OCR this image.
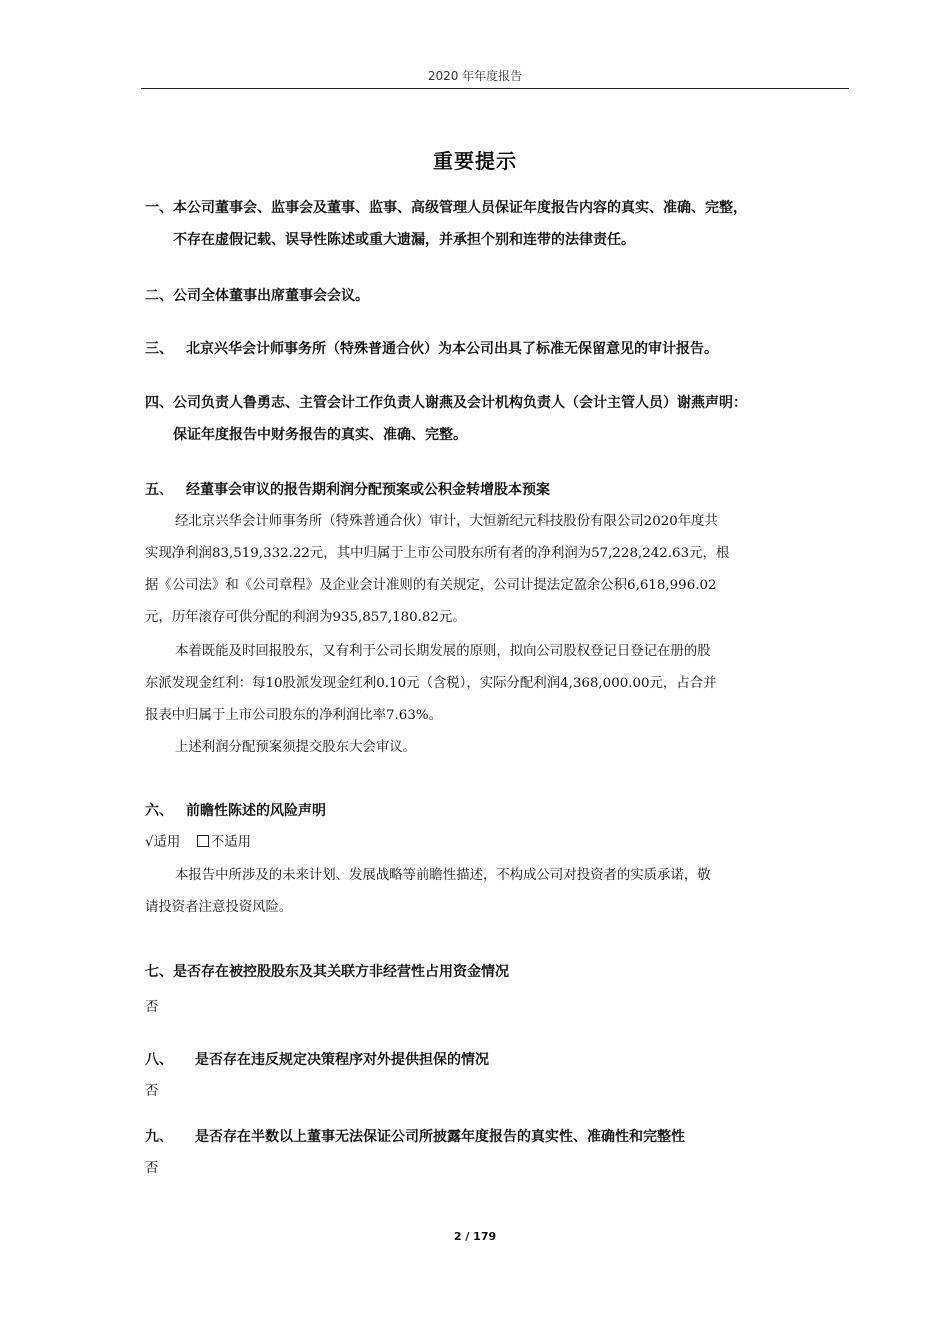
2020 年年度报告
重要提示
一、本公司董事会、监事会及董事、监事、高级管理人员保证年度报告内容的真实、准确、完整，
不存在虚假记载、误导性陈述或重大遗漏，并承担个别和连带的法律责任。
二、公司全体董事出席董事会会议。
三、 北京兴华会计师事务所（特殊普通合伙）为本公司出具了标准无保留意见的审计报告。
四、公司负责人鲁勇志、主管会计工作负责人谢燕及会计机构负责人（会计主管人员）谢燕声明：
保证年度报告中财务报告的真实、准确、完整。
五、 经董事会审议的报告期利润分配预案或公积金转增股本预案
经北京兴华会计师事务所（特殊普通合伙）审计，大恒新纪元科技股份有限公司2020年度共
实现净利润83,519,332.22元，其中归属于上市公司股东所有者的净利润为57,228,242.63元，根
据《公司法》和《公司章程》及企业会计准则的有关规定，公司计提法定盈余公积6,618,996.02
元，历年滚存可供分配的利润为935,857,180.82元。
本着既能及时回报股东，又有利于公司长期发展的原则，拟向公司股权登记日登记在册的股
东派发现金红利：每10股派发现金红利0.10元（含税），实际分配利润4,368,000.00元，占合并
报表中归属于上市公司股东的净利润比率7.63%。
上述利润分配预案须提交股东大会审议。
六、 前瞻性陈述的风险声明
√适用 不适用
本报告中所涉及的未来计划、发展战略等前瞻性描述，不构成公司对投资者的实质承诺，敬
请投资者注意投资风险。
七、是否存在被控股股东及其关联方非经营性占用资金情况
否
八、 是否存在违反规定决策程序对外提供担保的情况
否
九、 是否存在半数以上董事无法保证公司所披露年度报告的真实性、准确性和完整性
否
2 / 179
